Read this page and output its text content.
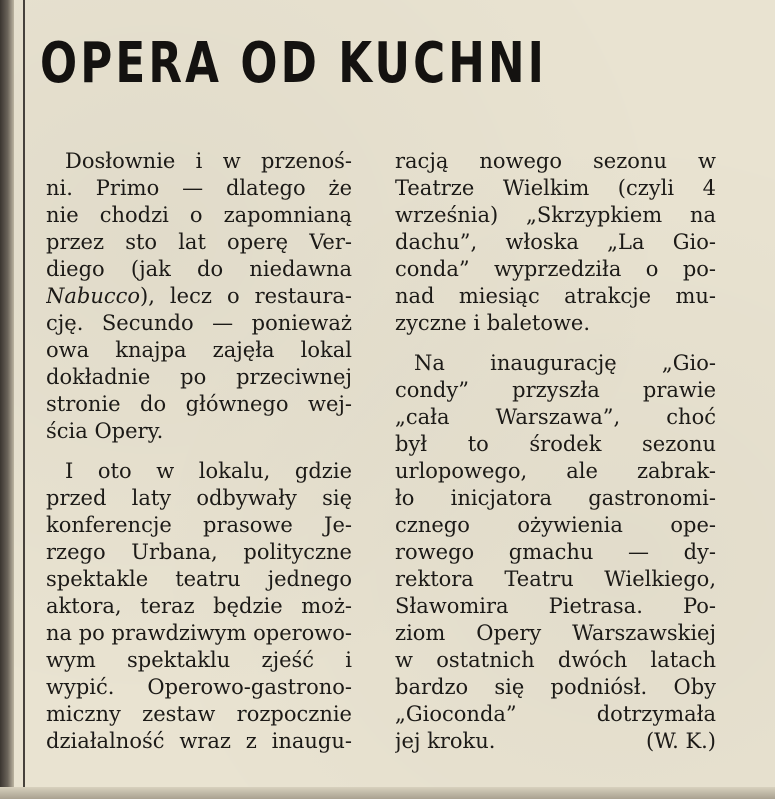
OPERA OD KUCHNI
Dosłownie i w przenoś-
ni. Primo — dlatego że
nie chodzi o zapomnianą
przez sto lat operę Ver-
diego (jak do niedawna
Nabucco), lecz o restaura-
cję. Secundo — ponieważ
owa knajpa zajęła lokal
dokładnie po przeciwnej
stronie do głównego wej-
ścia Opery.
I oto w lokalu, gdzie
przed laty odbywały się
konferencje prasowe Je-
rzego Urbana, polityczne
spektakle teatru jednego
aktora, teraz będzie moż-
na po prawdziwym operowo-
wym spektaklu zjeść i
wypić. Operowo-gastrono-
miczny zestaw rozpocznie
działalność wraz z inaugu-
racją nowego sezonu w
Teatrze Wielkim (czyli 4
września) „Skrzypkiem na
dachu”, włoska „La Gio-
conda” wyprzedziła o po-
nad miesiąc atrakcje mu-
zyczne i baletowe.
Na inaugurację „Gio-
condy” przyszła prawie
„cała Warszawa”, choć
był to środek sezonu
urlopowego, ale zabrak-
ło inicjatora gastronomi-
cznego ożywienia ope-
rowego gmachu — dy-
rektora Teatru Wielkiego,
Sławomira Pietrasa. Po-
ziom Opery Warszawskiej
w ostatnich dwóch latach
bardzo się podniósł. Oby
„Gioconda” dotrzymała
jej kroku.	(W. K.)
